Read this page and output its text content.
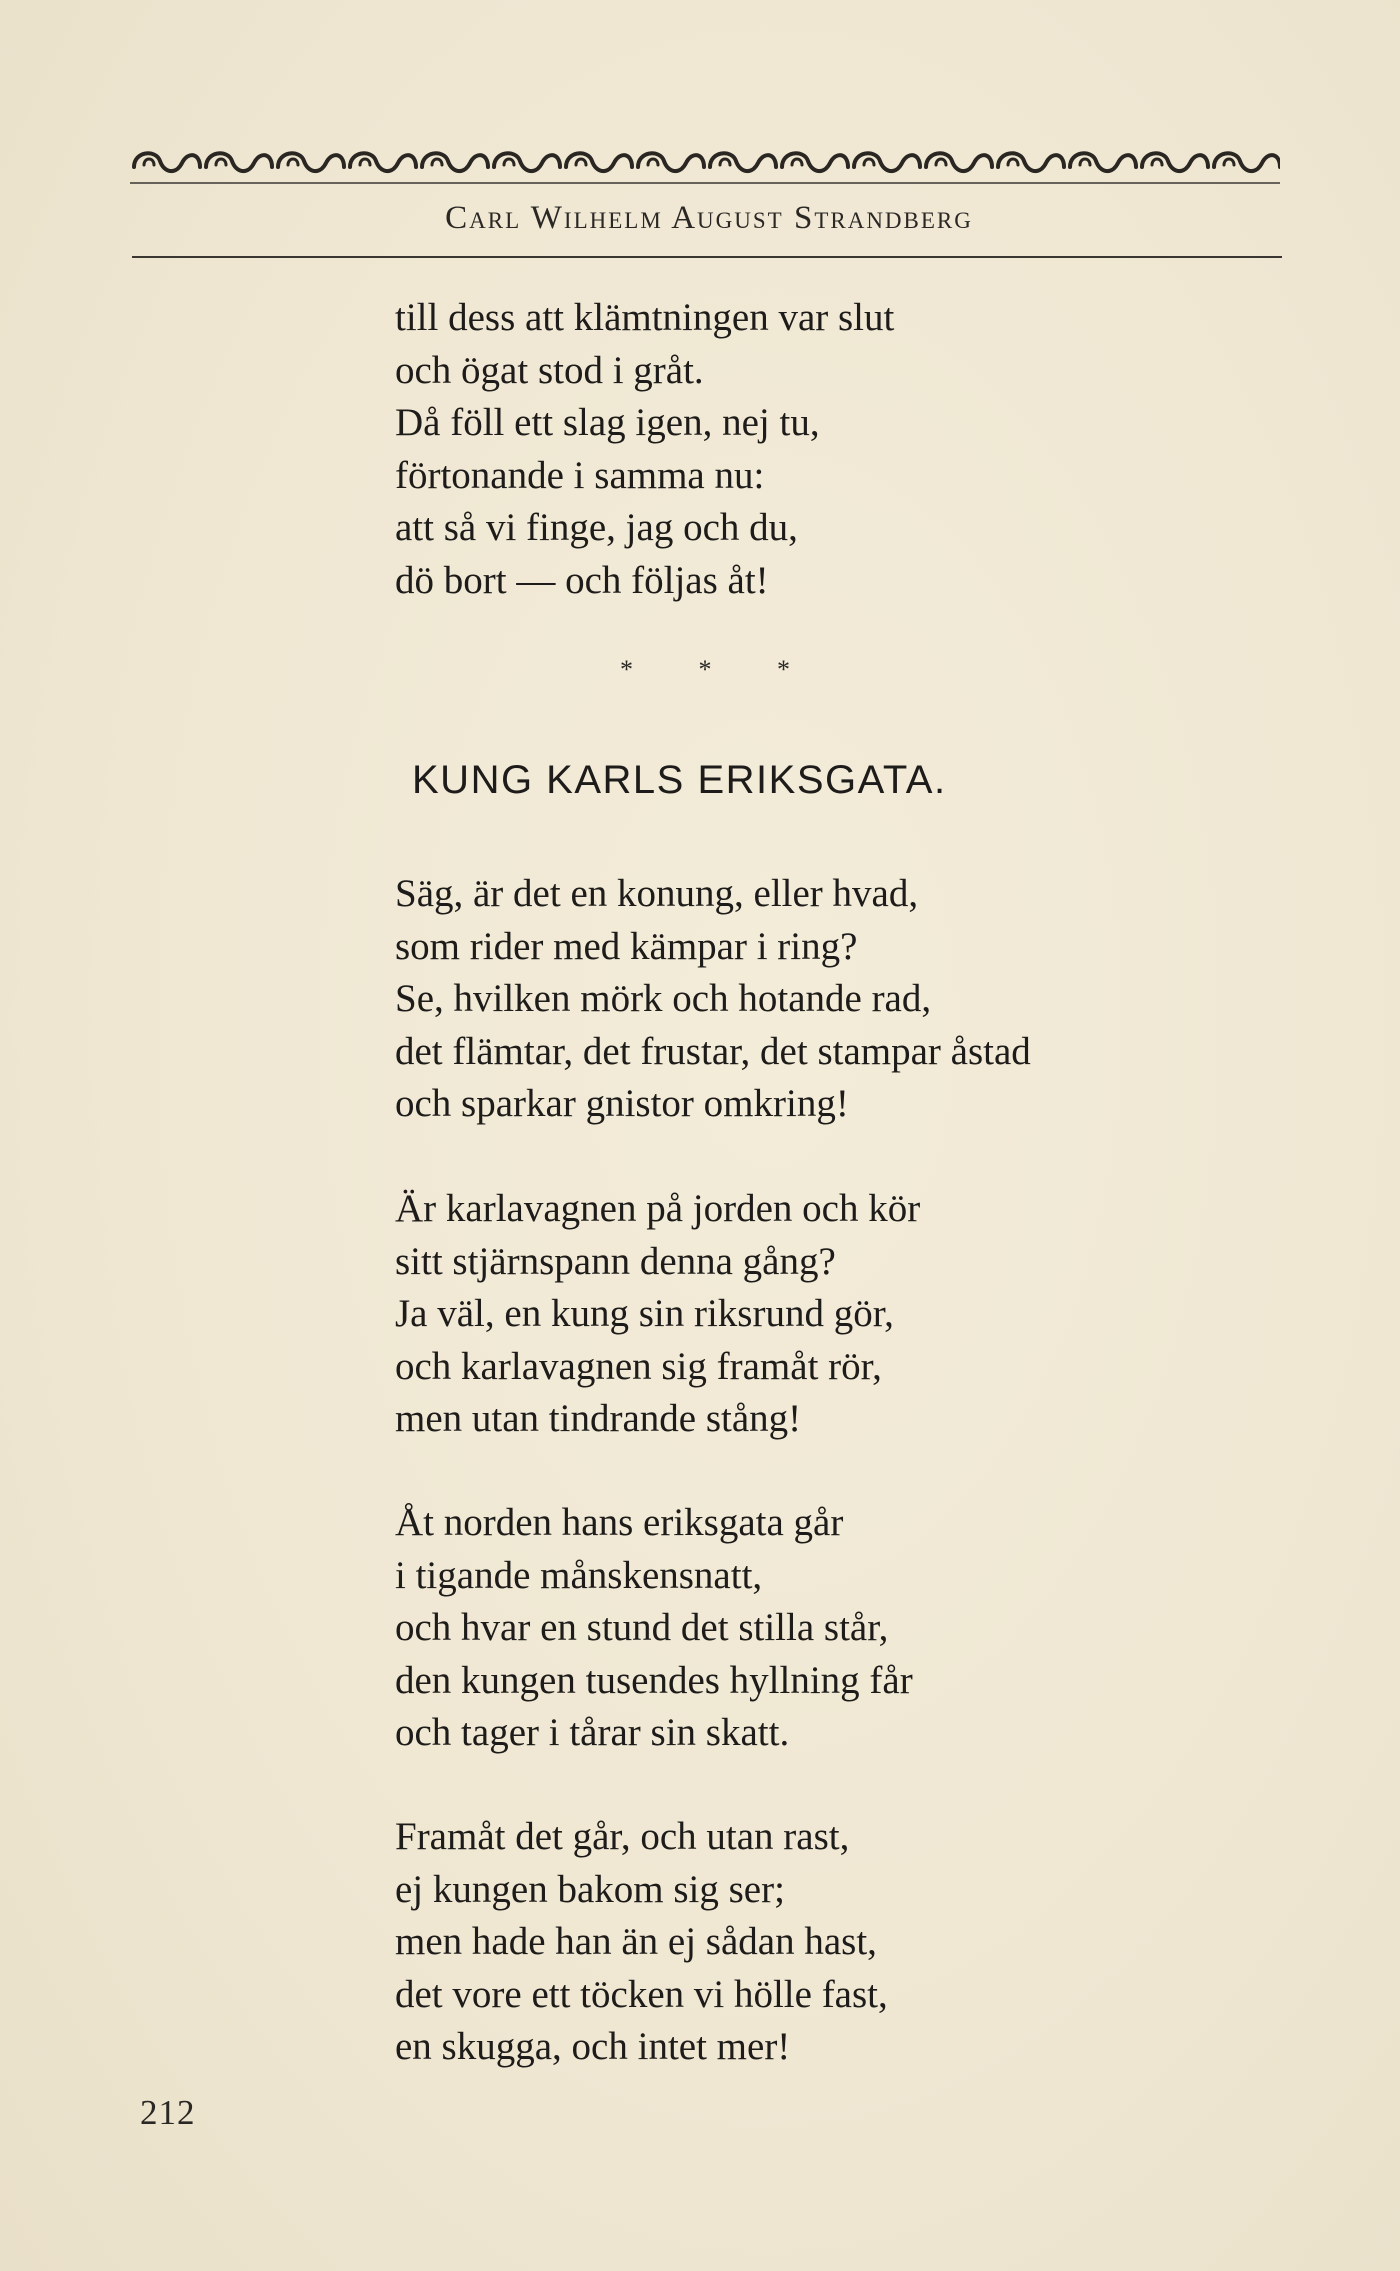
Carl Wilhelm August Strandberg
till dess att klämtningen var slut
och ögat stod i gråt.
Då föll ett slag igen, nej tu,
förtonande i samma nu:
att så vi finge, jag och du,
dö bort — och följas åt!
*	*	*
KUNG KARLS ERIKSGATA.
Säg, är det en konung, eller hvad,
som rider med kämpar i ring?
Se, hvilken mörk och hotande rad,
det flämtar, det frustar, det stampar åstad
och sparkar gnistor omkring!
Är karlavagnen på jorden och kör
sitt stjärnspann denna gång?
Ja väl, en kung sin riksrund gör,
och karlavagnen sig framåt rör,
men utan tindrande stång!
Åt norden hans eriksgata går
i tigande månskensnatt,
och hvar en stund det stilla står,
den kungen tusendes hyllning får
och tager i tårar sin skatt.
Framåt det går, och utan rast,
ej kungen bakom sig ser;
men hade han än ej sådan hast,
det vore ett töcken vi hölle fast,
en skugga, och intet mer!
212
